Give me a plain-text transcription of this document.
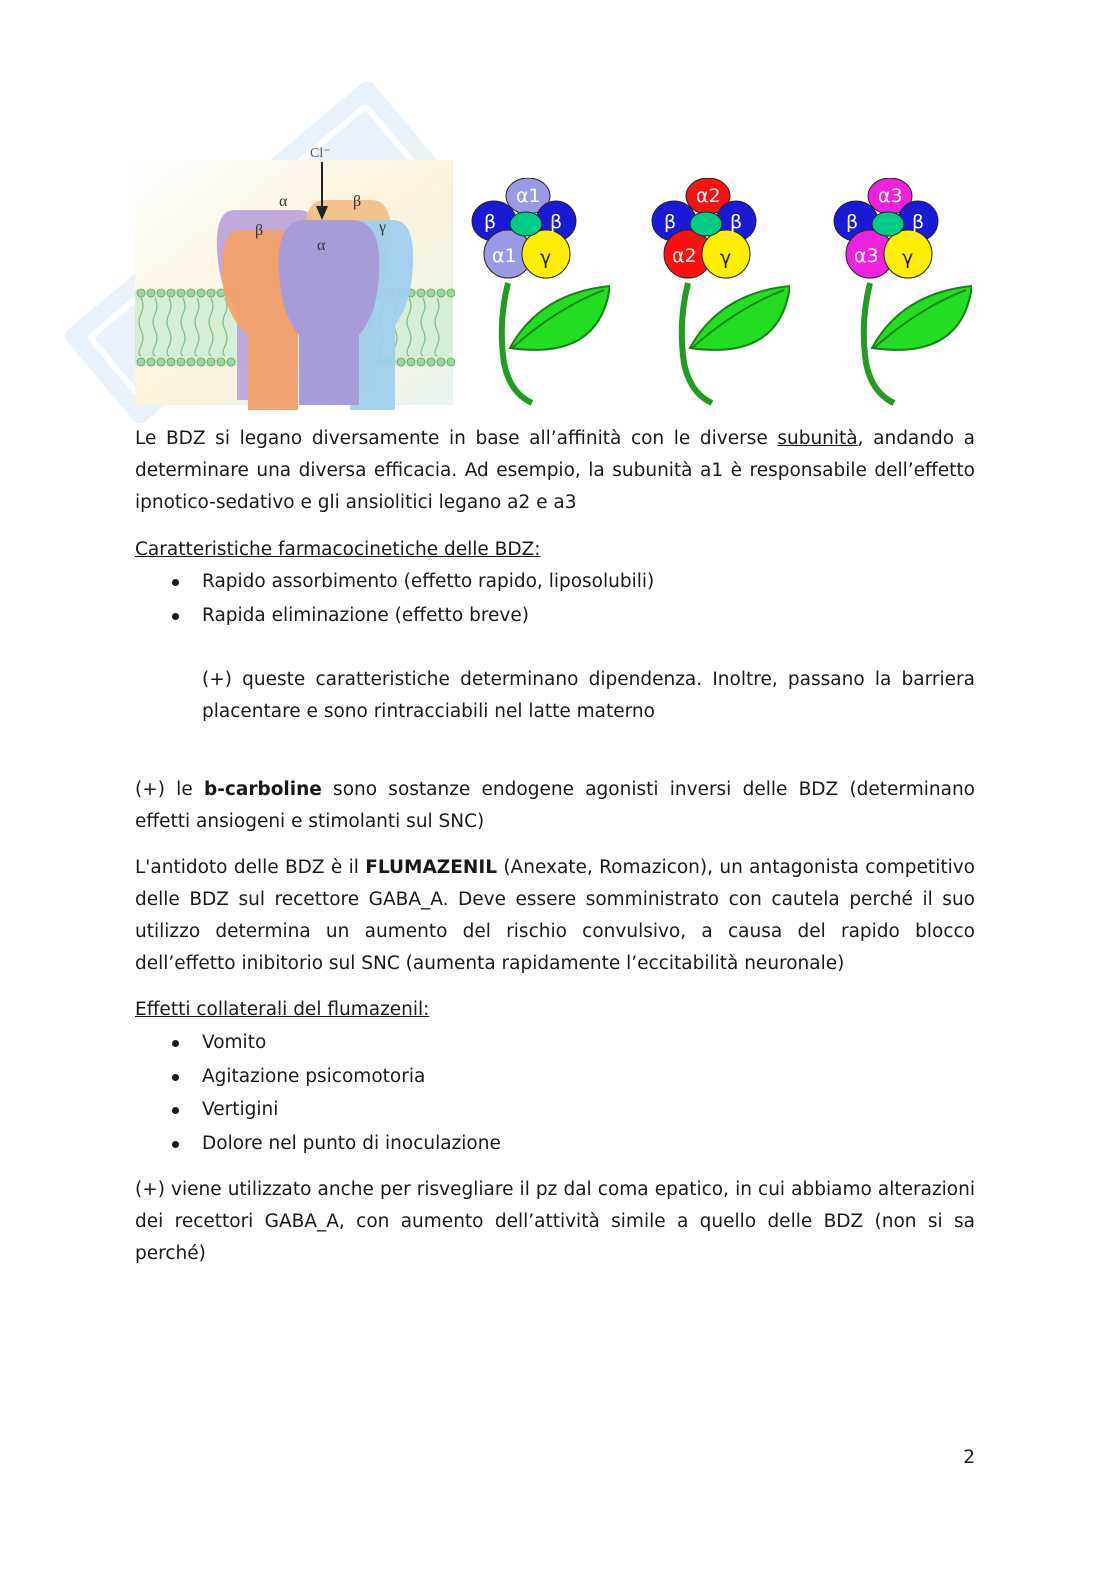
Cl⁻
α
β
β
γ
α
α1
β	β
α1 γ
α2
β	β
α2 γ
α3
β	β
α3 γ

Le BDZ si legano diversamente in base all’affinità con le diverse subunità, andando a determinare una diversa efficacia. Ad esempio, la subunità a1 è responsabile dell’effetto ipnotico-sedativo e gli ansiolitici legano a2 e a3

Caratteristiche farmacocinetiche delle BDZ:

Rapido assorbimento (effetto rapido, liposolubili)
Rapida eliminazione (effetto breve)

(+) queste caratteristiche determinano dipendenza. Inoltre, passano la barriera placentare e sono rintracciabili nel latte materno

(+) le b-carboline sono sostanze endogene agonisti inversi delle BDZ (determinano effetti ansiogeni e stimolanti sul SNC)

L'antidoto delle BDZ è il FLUMAZENIL (Anexate, Romazicon), un antagonista competitivo delle BDZ sul recettore GABA_A. Deve essere somministrato con cautela perché il suo utilizzo determina un aumento del rischio convulsivo, a causa del rapido blocco dell’effetto inibitorio sul SNC (aumenta rapidamente l’eccitabilità neuronale)

Effetti collaterali del flumazenil:

Vomito
Agitazione psicomotoria
Vertigini
Dolore nel punto di inoculazione

(+) viene utilizzato anche per risvegliare il pz dal coma epatico, in cui abbiamo alterazioni dei recettori GABA_A, con aumento dell’attività simile a quello delle BDZ (non si sa perché)

2
